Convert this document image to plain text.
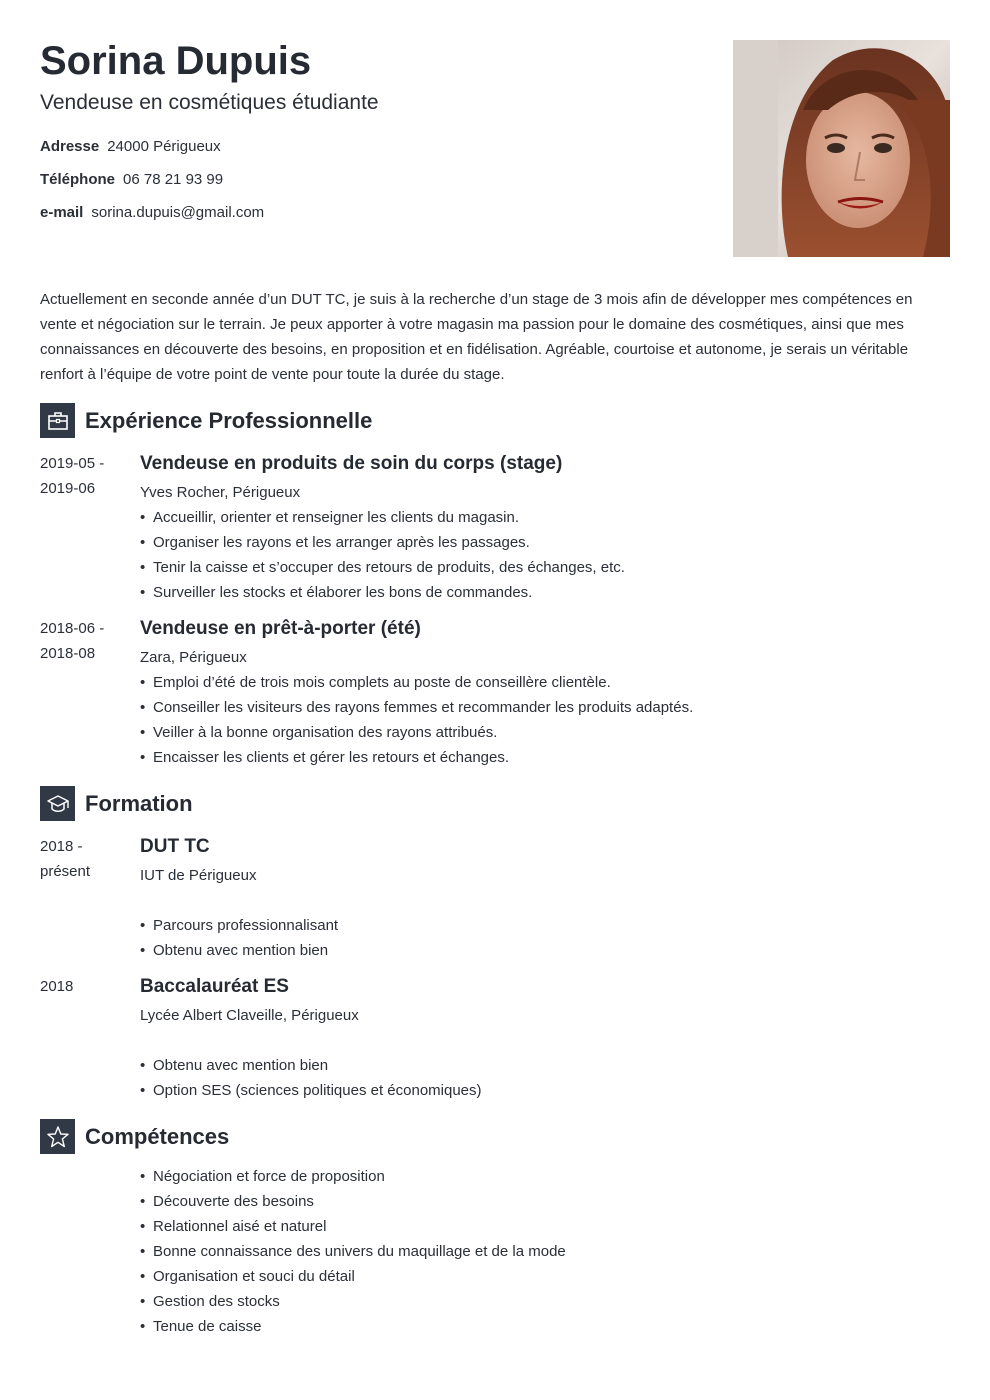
Sorina Dupuis
Vendeuse en cosmétiques étudiante
Adresse 24000 Périgueux
Téléphone 06 78 21 93 99
e-mail sorina.dupuis@gmail.com
Actuellement en seconde année d’un DUT TC, je suis à la recherche d’un stage de 3 mois afin de développer mes compétences en vente et négociation sur le terrain. Je peux apporter à votre magasin ma passion pour le domaine des cosmétiques, ainsi que mes connaissances en découverte des besoins, en proposition et en fidélisation. Agréable, courtoise et autonome, je serais un véritable renfort à l’équipe de votre point de vente pour toute la durée du stage.
Expérience Professionnelle
2019-05 - 2019-06
Vendeuse en produits de soin du corps (stage)
Yves Rocher, Périgueux
• Accueillir, orienter et renseigner les clients du magasin.
• Organiser les rayons et les arranger après les passages.
• Tenir la caisse et s’occuper des retours de produits, des échanges, etc.
• Surveiller les stocks et élaborer les bons de commandes.
2018-06 - 2018-08
Vendeuse en prêt-à-porter (été)
Zara, Périgueux
• Emploi d’été de trois mois complets au poste de conseillère clientèle.
• Conseiller les visiteurs des rayons femmes et recommander les produits adaptés.
• Veiller à la bonne organisation des rayons attribués.
• Encaisser les clients et gérer les retours et échanges.
Formation
2018 - présent
DUT TC
IUT de Périgueux
• Parcours professionnalisant
• Obtenu avec mention bien
2018	Baccalauréat ES
Lycée Albert Claveille, Périgueux
• Obtenu avec mention bien
• Option SES (sciences politiques et économiques)
Compétences
• Négociation et force de proposition
• Découverte des besoins
• Relationnel aisé et naturel
• Bonne connaissance des univers du maquillage et de la mode
• Organisation et souci du détail
• Gestion des stocks
• Tenue de caisse
